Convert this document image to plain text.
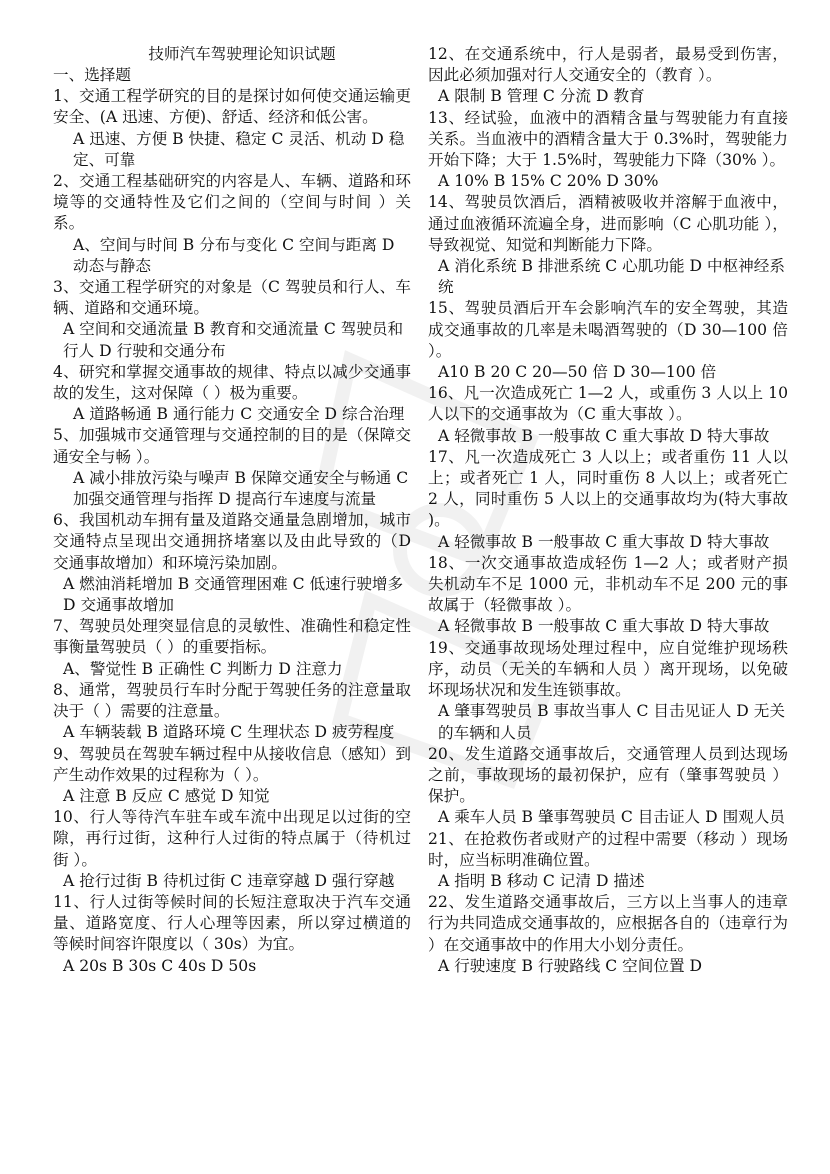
技师汽车驾驶理论知识试题

一、选择题

1、交通工程学研究的目的是探讨如何使交通运输更安全、(A 迅速、方便)、舒适、经济和低公害。

A 迅速、方便 B 快捷、稳定 C 灵活、机动 D 稳定、可靠

2、交通工程基础研究的内容是人、车辆、道路和环境等的交通特性及它们之间的（空间与时间 ）关系。

A、空间与时间 B 分布与变化 C 空间与距离 D 动态与静态

3、交通工程学研究的对象是（C 驾驶员和行人、车辆、道路和交通环境。

A 空间和交通流量 B 教育和交通流量 C 驾驶员和行人 D 行驶和交通分布

4、研究和掌握交通事故的规律、特点以减少交通事故的发生，这对保障（ ）极为重要。

A 道路畅通 B 通行能力 C 交通安全 D 综合治理

5、加强城市交通管理与交通控制的目的是（保障交通安全与畅 ）。

A 减小排放污染与噪声 B 保障交通安全与畅通 C 加强交通管理与指挥 D 提高行车速度与流量

6、我国机动车拥有量及道路交通量急剧增加，城市交通特点呈现出交通拥挤堵塞以及由此导致的（D 交通事故增加）和环境污染加剧。

A 燃油消耗增加 B 交通管理困难 C 低速行驶增多 D 交通事故增加

7、驾驶员处理突显信息的灵敏性、准确性和稳定性事衡量驾驶员（ ）的重要指标。

A、警觉性 B 正确性 C 判断力 D 注意力

8、通常，驾驶员行车时分配于驾驶任务的注意量取决于（ ）需要的注意量。

A 车辆装载 B 道路环境 C 生理状态 D 疲劳程度

9、驾驶员在驾驶车辆过程中从接收信息（感知）到产生动作效果的过程称为（ ）。

A 注意 B 反应 C 感觉 D 知觉

10、行人等待汽车驻车或车流中出现足以过街的空隙，再行过街，这种行人过街的特点属于（待机过街 ）。

A 抢行过街 B 待机过街 C 违章穿越 D 强行穿越

11、行人过街等候时间的长短注意取决于汽车交通量、道路宽度、行人心理等因素，所以穿过横道的等候时间容许限度以（ 30s）为宜。

A 20s B 30s C 40s D 50s

12、在交通系统中，行人是弱者，最易受到伤害，因此必须加强对行人交通安全的（教育 ）。

A 限制 B 管理 C 分流 D 教育

13、经试验，血液中的酒精含量与驾驶能力有直接关系。当血液中的酒精含量大于 0.3%时，驾驶能力开始下降；大于 1.5%时，驾驶能力下降（30% ）。

A 10% B 15% C 20% D 30%

14、驾驶员饮酒后，酒精被吸收并溶解于血液中，通过血液循环流遍全身，进而影响（C 心肌功能 ），导致视觉、知觉和判断能力下降。

A 消化系统 B 排泄系统 C 心肌功能 D 中枢神经系统

15、驾驶员酒后开车会影响汽车的安全驾驶，其造成交通事故的几率是未喝酒驾驶的（D 30—100 倍 ）。

A10 B 20 C 20—50 倍 D 30—100 倍

16、凡一次造成死亡 1—2 人，或重伤 3 人以上 10 人以下的交通事故为（C 重大事故 ）。

A 轻微事故 B 一般事故 C 重大事故 D 特大事故

17、凡一次造成死亡 3 人以上；或者重伤 11 人以上；或者死亡 1 人，同时重伤 8 人以上；或者死亡 2 人，同时重伤 5 人以上的交通事故均为(特大事故 )。

A 轻微事故 B 一般事故 C 重大事故 D 特大事故

18、一次交通事故造成轻伤 1—2 人；或者财产损失机动车不足 1000 元，非机动车不足 200 元的事故属于（轻微事故 ）。

A 轻微事故 B 一般事故 C 重大事故 D 特大事故

19、交通事故现场处理过程中，应自觉维护现场秩序，动员（无关的车辆和人员 ）离开现场，以免破坏现场状况和发生连锁事故。

A 肇事驾驶员 B 事故当事人 C 目击见证人 D 无关的车辆和人员

20、发生道路交通事故后，交通管理人员到达现场之前，事故现场的最初保护，应有（肇事驾驶员 ）保护。

A 乘车人员 B 肇事驾驶员 C 目击证人 D 围观人员

21、在抢救伤者或财产的过程中需要（移动 ）现场时，应当标明准确位置。

A 指明 B 移动 C 记清 D 描述

22、发生道路交通事故后，三方以上当事人的违章行为共同造成交通事故的，应根据各自的（违章行为 ）在交通事故中的作用大小划分责任。

A 行驶速度 B 行驶路线 C 空间位置 D
